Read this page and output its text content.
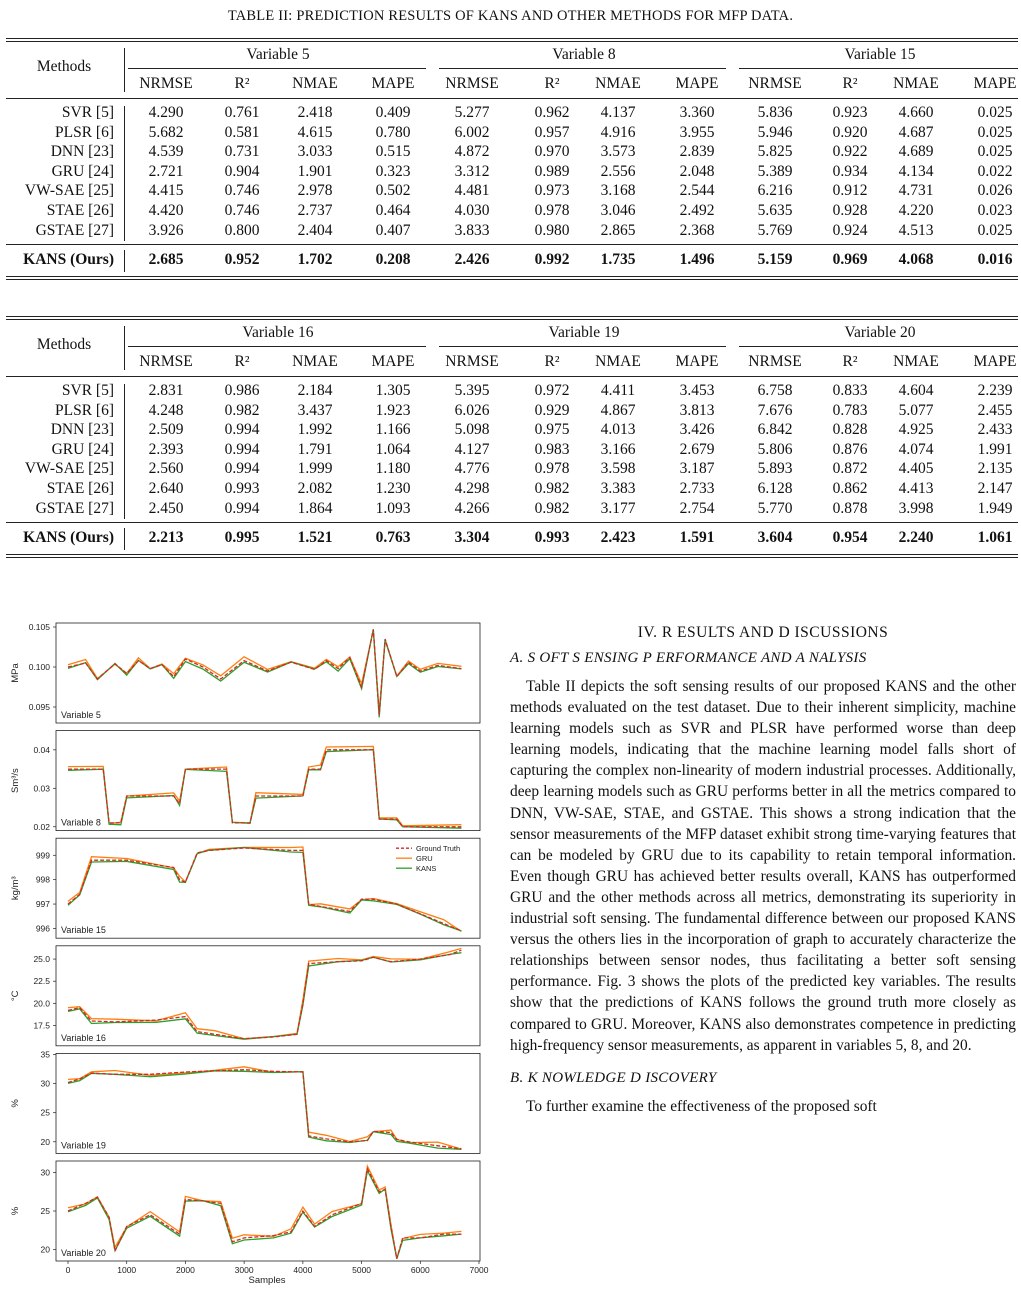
TABLE II: PREDICTION RESULTS OF KANS AND OTHER METHODS FOR MFP DATA.
Methods
Variable 5	Variable 8	Variable 15
NRMSE	R²	NMAE	MAPE	NRMSE	R²	NMAE	MAPE	NRMSE	R²	NMAE	MAPE
SVR [5]	4.290	0.761	2.418	0.409	5.277	0.962	4.137	3.360	5.836	0.923	4.660	0.025
PLSR [6]	5.682	0.581	4.615	0.780	6.002	0.957	4.916	3.955	5.946	0.920	4.687	0.025
DNN [23]	4.539	0.731	3.033	0.515	4.872	0.970	3.573	2.839	5.825	0.922	4.689	0.025
GRU [24]	2.721	0.904	1.901	0.323	3.312	0.989	2.556	2.048	5.389	0.934	4.134	0.022
VW-SAE [25]	4.415	0.746	2.978	0.502	4.481	0.973	3.168	2.544	6.216	0.912	4.731	0.026
STAE [26]	4.420	0.746	2.737	0.464	4.030	0.978	3.046	2.492	5.635	0.928	4.220	0.023
GSTAE [27]	3.926	0.800	2.404	0.407	3.833	0.980	2.865	2.368	5.769	0.924	4.513	0.025
KANS (Ours)	2.685	0.952	1.702	0.208	2.426	0.992	1.735	1.496	5.159	0.969	4.068	0.016
Methods
Variable 16	Variable 19	Variable 20
NRMSE	R²	NMAE	MAPE	NRMSE	R²	NMAE	MAPE	NRMSE	R²	NMAE	MAPE
SVR [5]	2.831	0.986	2.184	1.305	5.395	0.972	4.411	3.453	6.758	0.833	4.604	2.239
PLSR [6]	4.248	0.982	3.437	1.923	6.026	0.929	4.867	3.813	7.676	0.783	5.077	2.455
DNN [23]	2.509	0.994	1.992	1.166	5.098	0.975	4.013	3.426	6.842	0.828	4.925	2.433
GRU [24]	2.393	0.994	1.791	1.064	4.127	0.983	3.166	2.679	5.806	0.876	4.074	1.991
VW-SAE [25]	2.560	0.994	1.999	1.180	4.776	0.978	3.598	3.187	5.893	0.872	4.405	2.135
STAE [26]	2.640	0.993	2.082	1.230	4.298	0.982	3.383	2.733	6.128	0.862	4.413	2.147
GSTAE [27]	2.450	0.994	1.864	1.093	4.266	0.982	3.177	2.754	5.770	0.878	3.998	1.949
KANS (Ours)	2.213	0.995	1.521	0.763	3.304	0.993	2.423	1.591	3.604	0.954	2.240	1.061
0.095
0.100
0.105
MPa
Variable 5
0.02
0.03
0.04
Sm³/s
Variable 8
996
997
998
999
kg/m³
Variable 15
Ground Truth
GRU
KANS
17.5
20.0
22.5
25.0
°C
Variable 16
20
25
30
35
%
Variable 19
20
25
30
%
Variable 20
0	1000	2000	3000	4000	5000	6000	7000
Samples

IV. R ESULTS AND D ISCUSSIONS

A. S OFT S ENSING P ERFORMANCE AND A NALYSIS

Table II depicts the soft sensing results of our proposed KANS and the other methods evaluated on the test dataset. Due to their inherent simplicity, machine learning models such as SVR and PLSR have performed worse than deep learning models, indicating that the machine learning model falls short of capturing the complex non-linearity of modern industrial processes. Additionally, deep learning models such as GRU performs better in all the metrics compared to DNN, VW-SAE, STAE, and GSTAE. This shows a strong indication that the sensor measurements of the MFP dataset exhibit strong time-varying features that can be modeled by GRU due to its capability to retain temporal information. Even though GRU has achieved better results overall, KANS has outperformed GRU and the other methods across all metrics, demonstrating its superiority in industrial soft sensing. The fundamental difference between our proposed KANS versus the others lies in the incorporation of graph to accurately characterize the relationships between sensor nodes, thus facilitating a better soft sensing performance. Fig. 3 shows the plots of the predicted key variables. The results show that the predictions of KANS follows the ground truth more closely as compared to GRU. Moreover, KANS also demonstrates competence in predicting high-frequency sensor measurements, as apparent in variables 5, 8, and 20.

B. K NOWLEDGE D ISCOVERY

To further examine the effectiveness of the proposed soft
